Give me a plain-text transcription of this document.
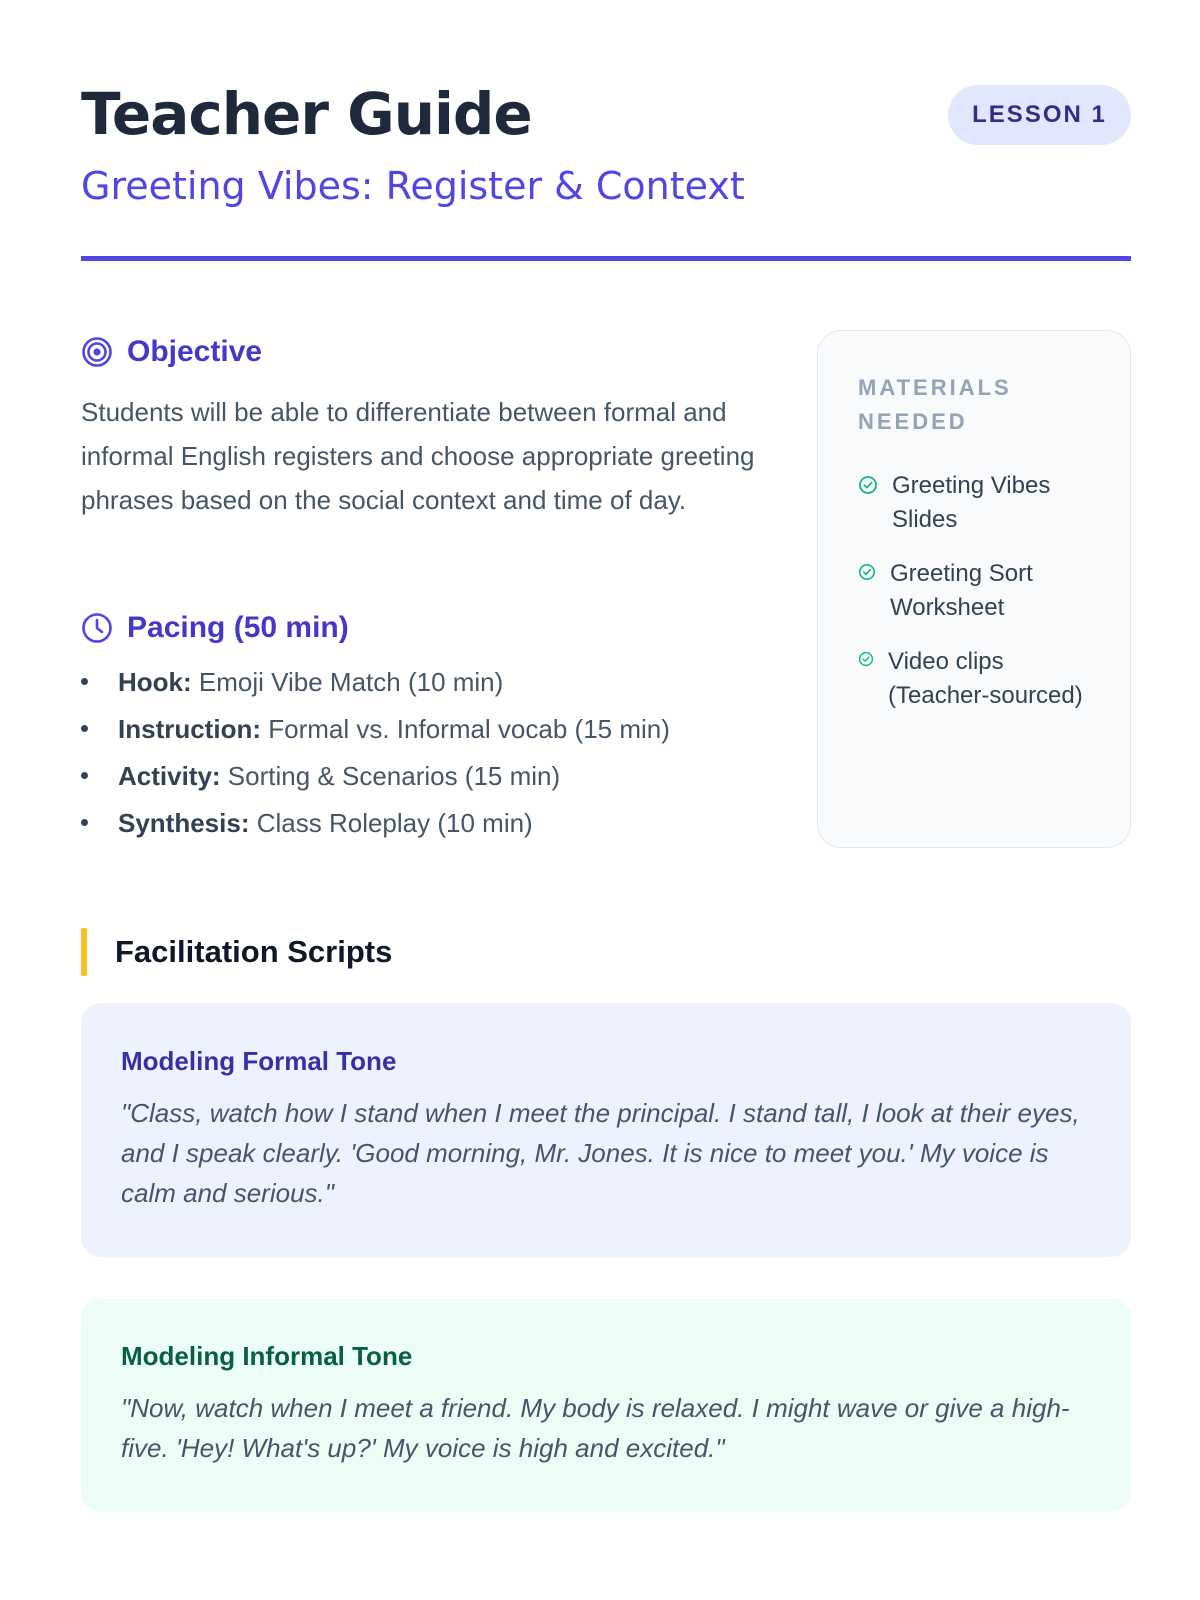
Teacher Guide
Greeting Vibes: Register & Context
LESSON 1
Objective

Students will be able to differentiate between formal and informal English registers and choose appropriate greeting phrases based on the social context and time of day.

Pacing (50 min)
Hook: Emoji Vibe Match (10 min)
Instruction: Formal vs. Informal vocab (15 min)
Activity: Sorting & Scenarios (15 min)
Synthesis: Class Roleplay (10 min)
MATERIALS NEEDED
Greeting Vibes Slides
Greeting Sort Worksheet
Video clips (Teacher-sourced)
Facilitation Scripts
Modeling Formal Tone

"Class, watch how I stand when I meet the principal. I stand tall, I look at their eyes, and I speak clearly. 'Good morning, Mr. Jones. It is nice to meet you.' My voice is calm and serious."

Modeling Informal Tone

"Now, watch when I meet a friend. My body is relaxed. I might wave or give a high-five. 'Hey! What's up?' My voice is high and excited."
